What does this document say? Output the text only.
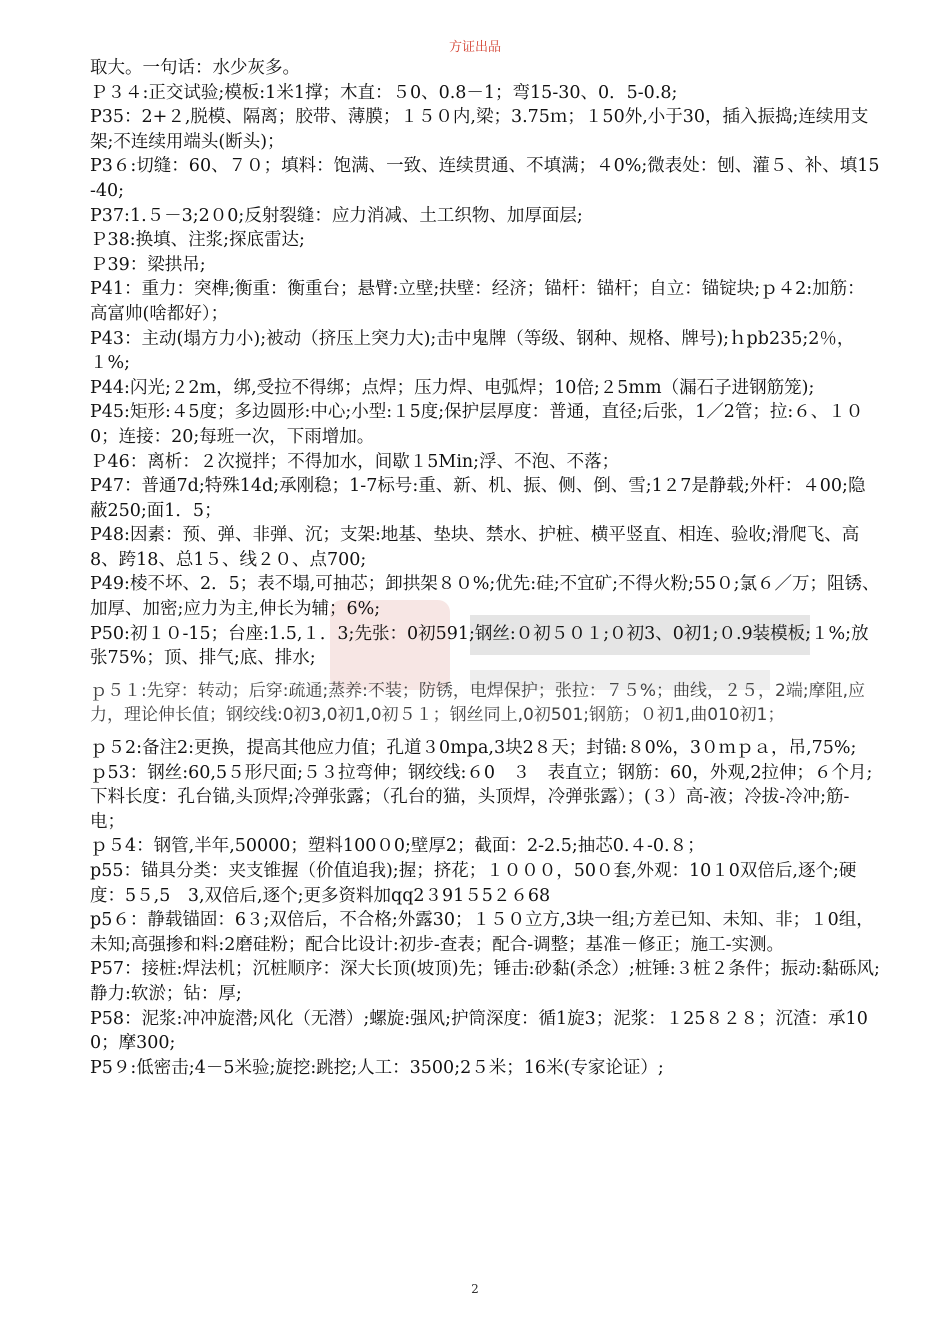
方证出品

取大。一句话：水少灰多。

Ｐ３４:正交试验;模板:1米1撑；木直：５0、0.8－1；弯15-30、0．5-0.8;

P35：2+２,脱模、隔离；胶带、薄膜；１５０内,梁；3.75ｍ；１50外,小于30，插入振捣;连续用支架;不连续用端头(断头)；

P3６:切缝：60、７０；填料：饱满、一致、连续贯通、不填满；４0%;微表处：刨、灌５、补、填15-40;

P37:1.５－3;2０0;反射裂缝：应力消减、土工织物、加厚面层;

Ｐ38:换填、注浆;探底雷达;

Ｐ39：梁拱吊;

P41：重力：突榫;衡重：衡重台；悬臂:立壁;扶壁：经济；锚杆：锚杆；自立：锚锭块;ｐ４2:加筋：高富帅(啥都好）；

P43：主动(塌方力小);被动（挤压上突力大);击中鬼牌（等级、钢种、规格、牌号);ｈpb235;2％，１%;

P44:闪光;２2m，绑,受拉不得绑；点焊；压力焊、电弧焊；10倍;２5mm（漏石子进钢筋笼);

P45:矩形:４5度；多边圆形:中心;小型:１5度;保护层厚度：普通，直径;后张，1／2管；拉:６、１０0；连接：20;每班一次，下雨增加。

Ｐ46：离析：２次搅拌；不得加水，间歇１5Min;浮、不泡、不落；

P47：普通7d;特殊14d;承刚稳；1-7标号:重、新、机、振、侧、倒、雪;1２7是静载;外杆：４00;隐蔽250;面1．5；

P48:因素：预、弹、非弹、沉；支架:地基、垫块、禁水、护桩、横平竖直、相连、验收;滑爬飞、高8、跨18、总1５、线２０、点700;

P49:棱不坏、2．5；表不塌,可抽芯；卸拱架８０%;优先:硅;不宜矿;不得火粉;55０;氯６／万；阻锈、加厚、加密;应力为主,伸长为辅；6%;

P50:初１０-15；台座:1.5,１．3;先张：0初591;钢丝:０初５０１;０初3、0初1;０.9装模板;１%;放张75%；顶、排气;底、排水;

ｐ５１:先穿：转动；后穿:疏通;蒸养:不装；防锈，电焊保护；张拉：７５%；曲线，２５，2端;摩阻,应力，理论伸长值；钢绞线:0初3,0初1,0初５１；钢丝同上,0初501;钢筋；０初1,曲010初1；

ｐ５2:备注2:更换，提高其他应力值；孔道３0mpa,3块2８天；封锚:８0%，3０ｍｐａ，吊,75%;

ｐ53：钢丝:60,5５形尺面;５３拉弯伸；钢绞线:６0　３　表直立；钢筋：60，外观,2拉伸；６个月;下料长度：孔台锚,头顶焊;冷弹张露；（孔台的猫，头顶焊，冷弹张露）；(３）高-液；冷拔-冷冲;筋-电；

ｐ５4：钢管,半年,50000；塑料100０0;壁厚2；截面：2-2.5;抽芯0.４-0.８；

p55：锚具分类：夹支锥握（价值追我);握；挤花；１０００，50０套,外观：10１0双倍后,逐个;硬度：5５,5　3,双倍后,逐个;更多资料加qq2３91５5２６68

p5６：静载锚固：6３;双倍后，不合格;外露30；１５０立方,3块一组;方差已知、未知、非；１0组，未知;高强掺和料:2磨硅粉；配合比设计:初步-查表；配合-调整；基准－修正；施工-实测。

P57：接桩:焊法机；沉桩顺序：深大长顶(坡顶)先；锤击:砂黏(杀念）;桩锤:３桩２条件；振动:黏砾风;静力:软淤；钻：厚;

P58：泥浆:冲冲旋潜;风化（无潜）;螺旋:强风;护筒深度：循1旋3；泥浆：１25８２８；沉渣：承100；摩300;

P5９:低密击;4－5米验;旋挖:跳挖;人工：3500;2５米；16米(专家论证）;

2
